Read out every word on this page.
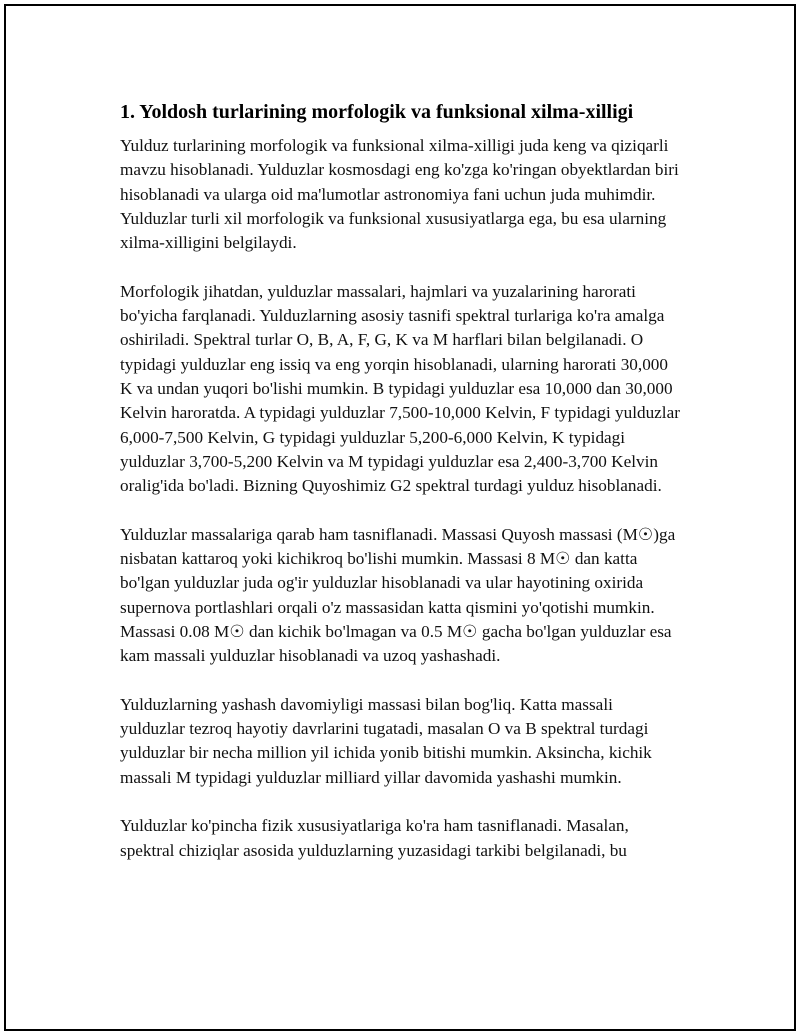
1. Yoldosh turlarining morfologik va funksional xilma-xilligi

Yulduz turlarining morfologik va funksional xilma-xilligi juda keng va qiziqarli mavzu hisoblanadi. Yulduzlar kosmosdagi eng ko'zga ko'ringan obyektlardan biri hisoblanadi va ularga oid ma'lumotlar astronomiya fani uchun juda muhimdir. Yulduzlar turli xil morfologik va funksional xususiyatlarga ega, bu esa ularning xilma-xilligini belgilaydi.

Morfologik jihatdan, yulduzlar massalari, hajmlari va yuzalarining harorati bo'yicha farqlanadi. Yulduzlarning asosiy tasnifi spektral turlariga ko'ra amalga oshiriladi. Spektral turlar O, B, A, F, G, K va M harflari bilan belgilanadi. O typidagi yulduzlar eng issiq va eng yorqin hisoblanadi, ularning harorati 30,000 K va undan yuqori bo'lishi mumkin. B typidagi yulduzlar esa 10,000 dan 30,000 Kelvin haroratda. A typidagi yulduzlar 7,500-10,000 Kelvin, F typidagi yulduzlar 6,000-7,500 Kelvin, G typidagi yulduzlar 5,200-6,000 Kelvin, K typidagi yulduzlar 3,700-5,200 Kelvin va M typidagi yulduzlar esa 2,400-3,700 Kelvin oralig'ida bo'ladi. Bizning Quyoshimiz G2 spektral turdagi yulduz hisoblanadi.

Yulduzlar massalariga qarab ham tasniflanadi. Massasi Quyosh massasi (M☉)ga nisbatan kattaroq yoki kichikroq bo'lishi mumkin. Massasi 8 M☉ dan katta bo'lgan yulduzlar juda og'ir yulduzlar hisoblanadi va ular hayotining oxirida supernova portlashlari orqali o'z massasidan katta qismini yo'qotishi mumkin. Massasi 0.08 M☉ dan kichik bo'lmagan va 0.5 M☉ gacha bo'lgan yulduzlar esa kam massali yulduzlar hisoblanadi va uzoq yashashadi.

Yulduzlarning yashash davomiyligi massasi bilan bog'liq. Katta massali yulduzlar tezroq hayotiy davrlarini tugatadi, masalan O va B spektral turdagi yulduzlar bir necha million yil ichida yonib bitishi mumkin. Aksincha, kichik massali M typidagi yulduzlar milliard yillar davomida yashashi mumkin.

Yulduzlar ko'pincha fizik xususiyatlariga ko'ra ham tasniflanadi. Masalan, spektral chiziqlar asosida yulduzlarning yuzasidagi tarkibi belgilanadi, bu
